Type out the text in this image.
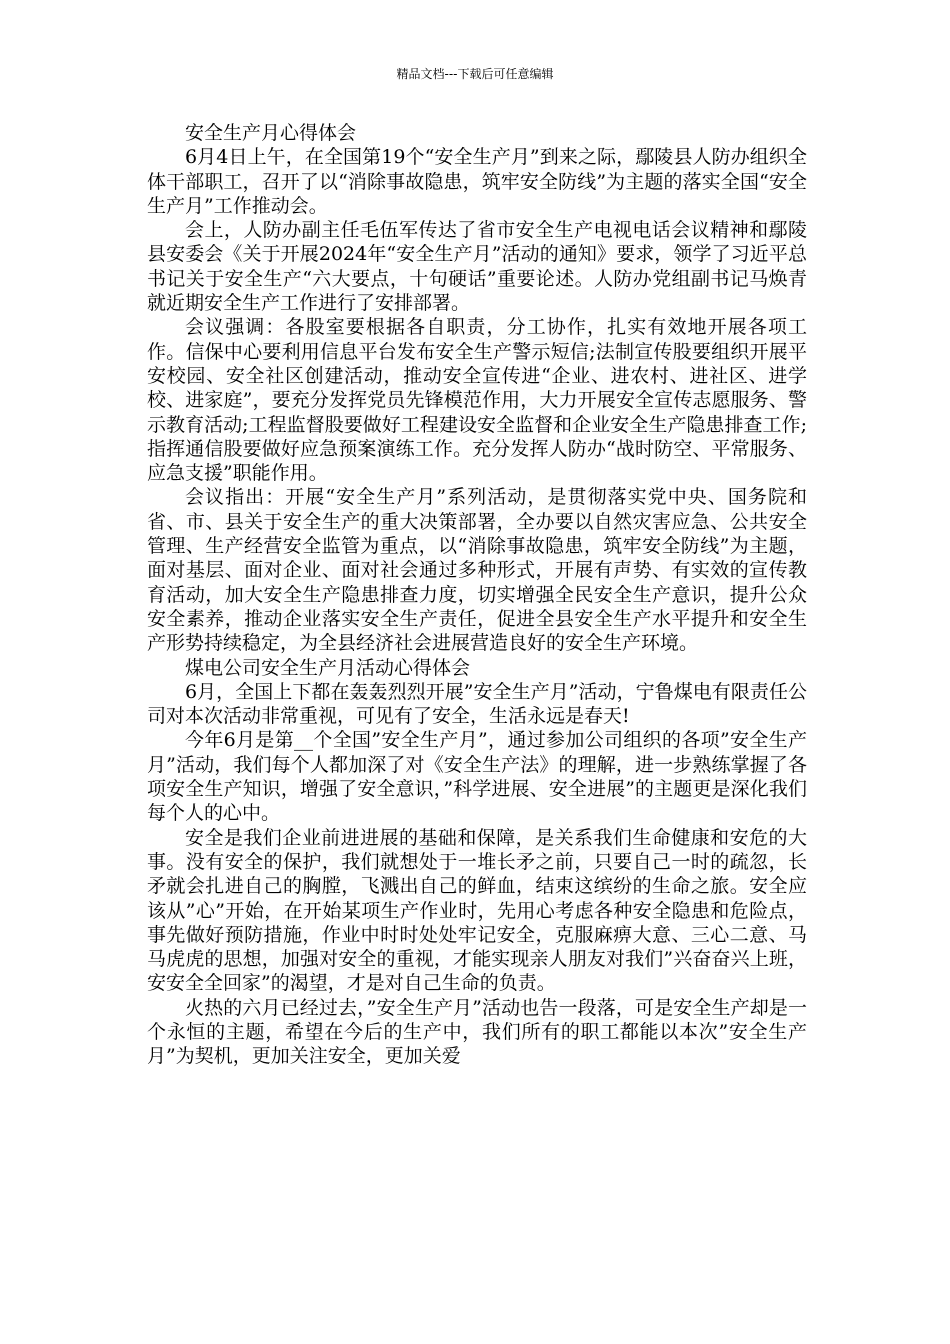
精品文档---下载后可任意编辑

安全生产月心得体会

6月4日上午，在全国第19个“安全生产月”到来之际，鄢陵县人防办组织全体干部职工，召开了以“消除事故隐患，筑牢安全防线”为主题的落实全国“安全生产月”工作推动会。

会上，人防办副主任毛伍军传达了省市安全生产电视电话会议精神和鄢陵县安委会《关于开展2024年“安全生产月”活动的通知》要求，领学了习近平总书记关于安全生产“六大要点，十句硬话”重要论述。人防办党组副书记马焕青就近期安全生产工作进行了安排部署。

会议强调：各股室要根据各自职责，分工协作，扎实有效地开展各项工作。信保中心要利用信息平台发布安全生产警示短信;法制宣传股要组织开展平安校园、安全社区创建活动，推动安全宣传进“企业、进农村、进社区、进学校、进家庭”，要充分发挥党员先锋模范作用，大力开展安全宣传志愿服务、警示教育活动;工程监督股要做好工程建设安全监督和企业安全生产隐患排查工作;指挥通信股要做好应急预案演练工作。充分发挥人防办“战时防空、平常服务、应急支援”职能作用。

会议指出：开展“安全生产月”系列活动，是贯彻落实党中央、国务院和省、市、县关于安全生产的重大决策部署，全办要以自然灾害应急、公共安全管理、生产经营安全监管为重点，以“消除事故隐患，筑牢安全防线”为主题，面对基层、面对企业、面对社会通过多种形式，开展有声势、有实效的宣传教育活动，加大安全生产隐患排查力度，切实增强全民安全生产意识，提升公众安全素养，推动企业落实安全生产责任，促进全县安全生产水平提升和安全生产形势持续稳定，为全县经济社会进展营造良好的安全生产环境。

煤电公司安全生产月活动心得体会

6月，全国上下都在轰轰烈烈开展”安全生产月”活动，宁鲁煤电有限责任公司对本次活动非常重视，可见有了安全，生活永远是春天!

今年6月是第__个全国”安全生产月”，通过参加公司组织的各项”安全生产月”活动，我们每个人都加深了对《安全生产法》的理解，进一步熟练掌握了各项安全生产知识，增强了安全意识，”科学进展、安全进展”的主题更是深化我们每个人的心中。

安全是我们企业前进进展的基础和保障，是关系我们生命健康和安危的大事。没有安全的保护，我们就想处于一堆长矛之前，只要自己一时的疏忽，长矛就会扎进自己的胸膛，飞溅出自己的鲜血，结束这缤纷的生命之旅。安全应该从”心”开始，在开始某项生产作业时，先用心考虑各种安全隐患和危险点，事先做好预防措施，作业中时时处处牢记安全，克服麻痹大意、三心二意、马马虎虎的思想，加强对安全的重视，才能实现亲人朋友对我们”兴奋奋兴上班，安安全全回家”的渴望，才是对自己生命的负责。

火热的六月已经过去，”安全生产月”活动也告一段落，可是安全生产却是一个永恒的主题，希望在今后的生产中，我们所有的职工都能以本次”安全生产月”为契机，更加关注安全，更加关爱
